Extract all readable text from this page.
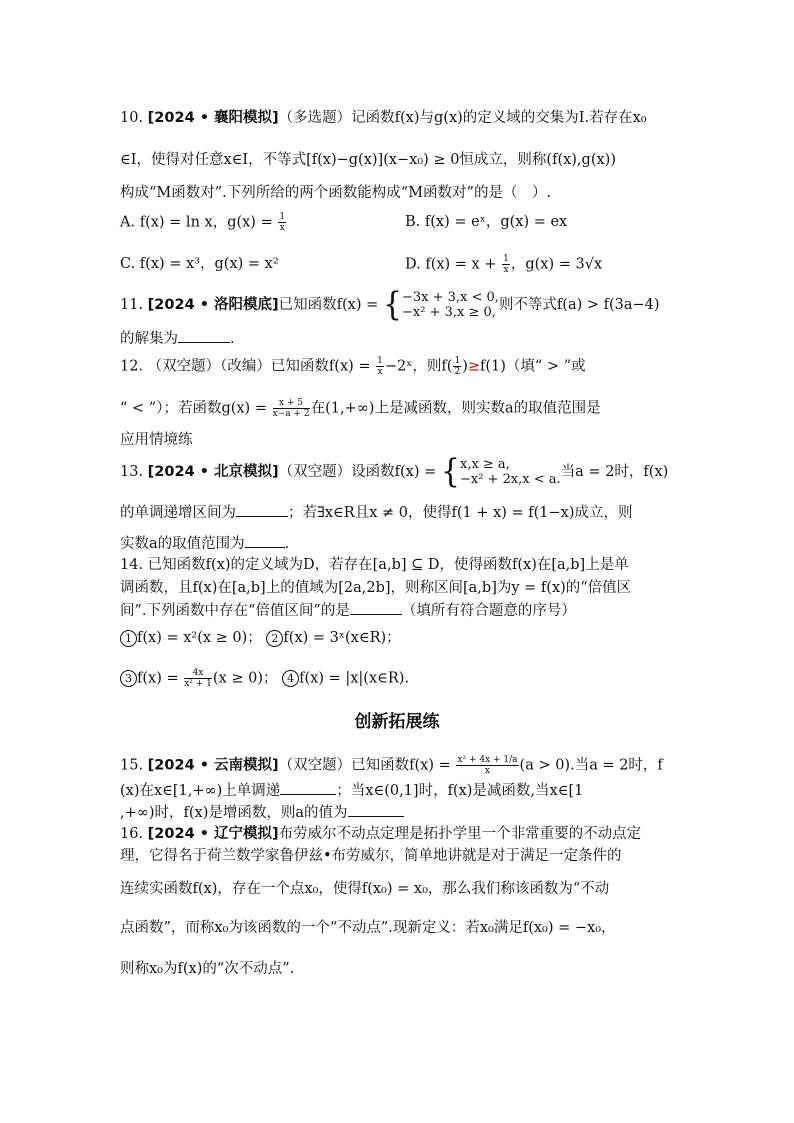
10. [2024 • 襄阳模拟]（多选题）记函数f(x)与g(x)的定义域的交集为I.若存在x₀
∈I，使得对任意x∈I，不等式[f(x)−g(x)](x−x₀) ≥ 0恒成立，则称(f(x),g(x))
构成“M函数对”.下列所给的两个函数能构成“M函数对”的是（　）.
A. f(x) = ln x，$g(x) = \frac{1}{x}$	B. f(x) = eˣ，g(x) = ex
C. f(x) = x³，g(x) = x²	D. $f(x) = x + \frac{1}{x}$ ，g(x) = 3√x
11. [2024 • 洛阳模底]已知函数f(x) = { −3x + 3,x < 0,
−x² + 3,x ≥ 0, 则不等式f(a) > f(3a−4)
的解集为	.
12. （双空题）（改编）已知函数$f(x) = \frac{1}{x}$ −2ˣ，则$f( \frac{1}{2} )\ge f(1)$（填“ > ”或
“ < ”）；若函数$g(x) = \frac{x + 5}{x-a + 2}$ 在(1,+∞)上是减函数，则实数a的取值范围是
应用情境练
13. [2024 • 北京模拟]（双空题）设函数f(x) = { x,x ≥ a,
−x² + 2x,x < a. 当a = 2时，f(x)
的单调递增区间为	；若∃x∈R且x ≠ 0，使得f(1 + x) = f(1−x)成立，则
实数a的取值范围为	.
14. 已知函数f(x)的定义域为D，若存在[a,b] ⊆ D，使得函数f(x)在[a,b]上是单
调函数，且f(x)在[a,b]上的值域为[2a,2b]，则称区间[a,b]为y = f(x)的“倍值区
间”.下列函数中存在“倍值区间”的是	（填所有符合题意的序号）
1 f(x) = x²(x ≥ 0)； 2 f(x) = 3ˣ(x∈R)；
3 $f(x) = \frac{4x}{\text{x² + 1}} (x \ge 0)$； 4 f(x) = |x|(x∈R).
创新拓展练
15. [2024 • 云南模拟]（双空题）已知函数$f(x) = \frac{\text{x² + 4x + 1/a}}{x} (a > 0)$.当a = 2时，f
(x)在x∈[1,+∞)上单调递	；当x∈(0,1]时，f(x)是减函数,当x∈[1
,+∞)时，f(x)是增函数，则a的值为
16. [2024 • 辽宁模拟]布劳威尔不动点定理是拓扑学里一个非常重要的不动点定
理，它得名于荷兰数学家鲁伊兹•布劳威尔，简单地讲就是对于满足一定条件的
连续实函数f(x)，存在一个点x₀，使得f(x₀) = x₀，那么我们称该函数为“不动
点函数”，而称x₀为该函数的一个“不动点”.现新定义：若x₀满足f(x₀) = −x₀，
则称x₀为f(x)的“次不动点”.
